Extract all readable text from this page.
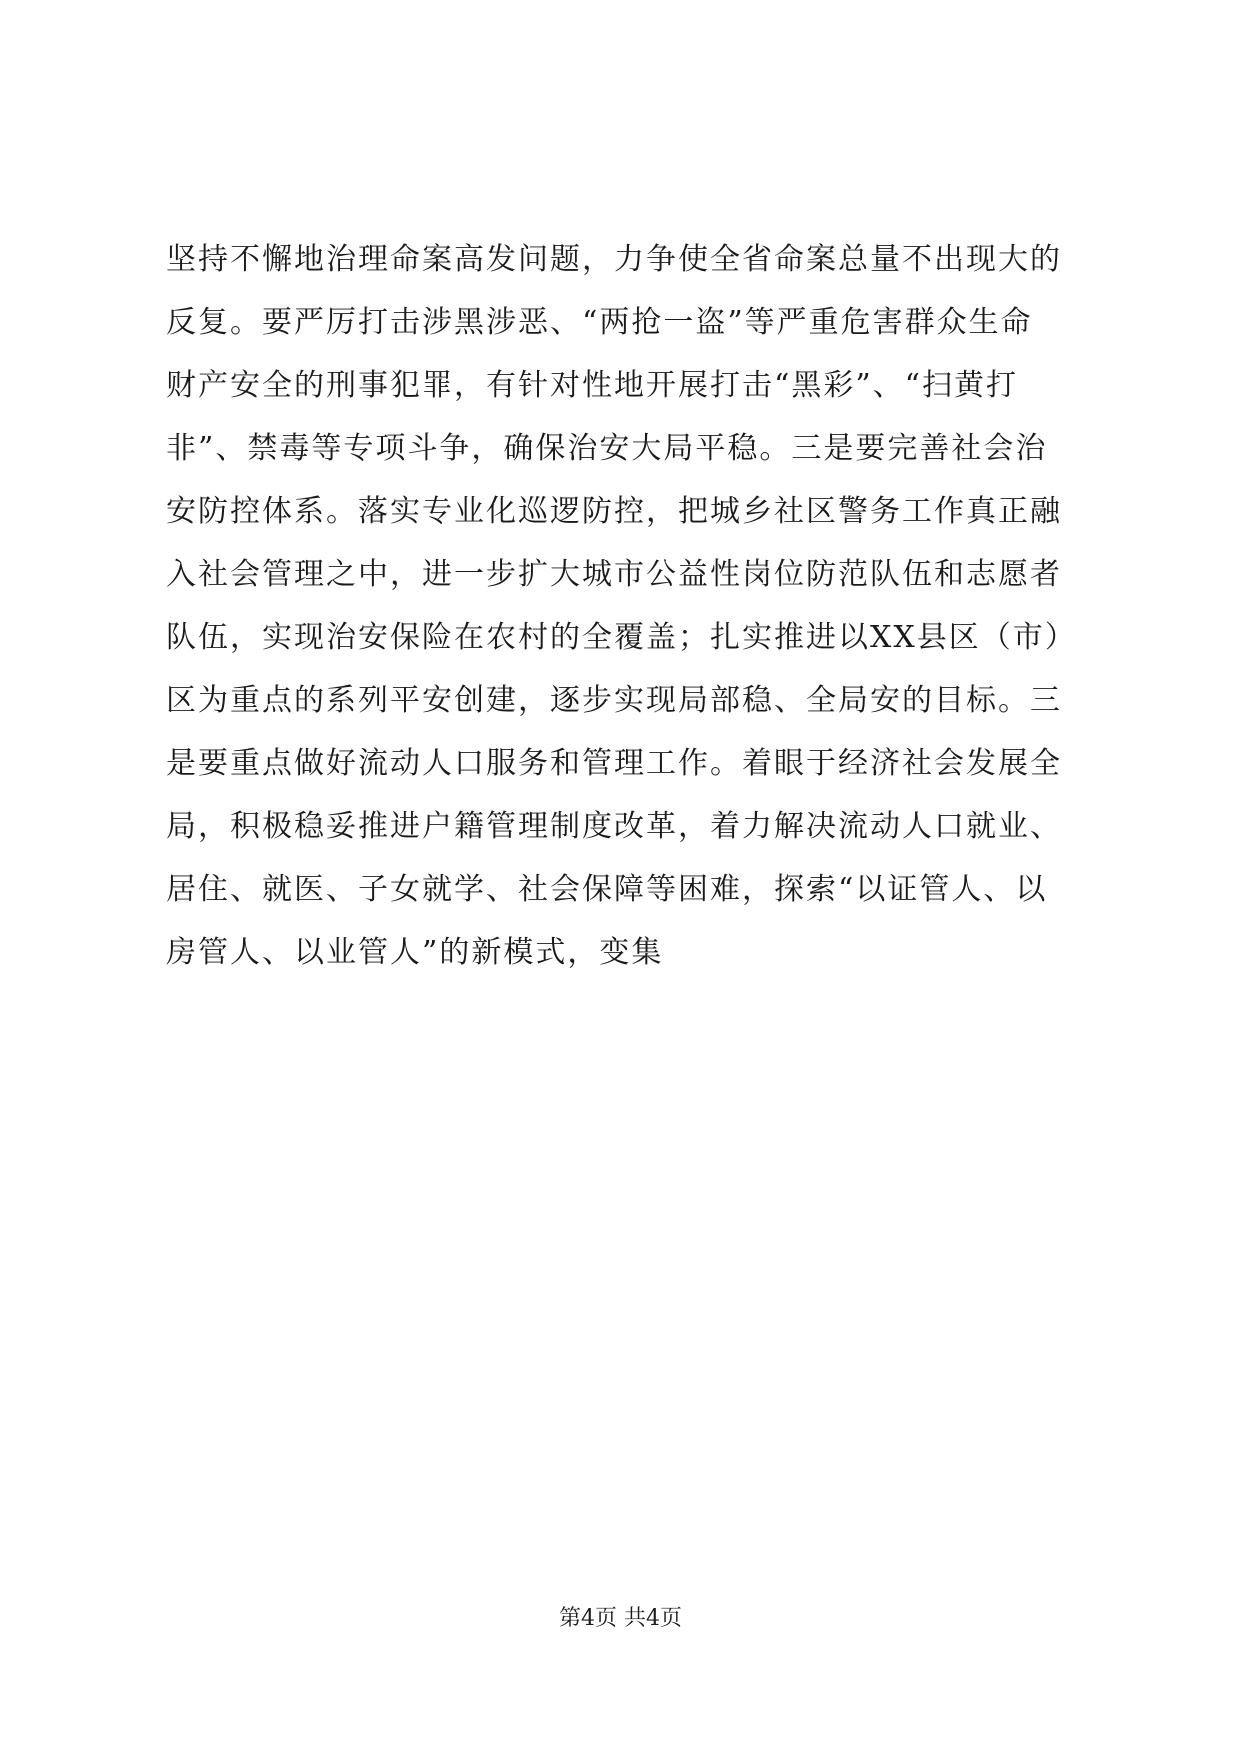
坚持不懈地治理命案高发问题，力争使全省命案总量不出现大的
反复。要严厉打击涉黑涉恶、“两抢一盗”等严重危害群众生命
财产安全的刑事犯罪，有针对性地开展打击“黑彩”、“扫黄打
非”、禁毒等专项斗争，确保治安大局平稳。三是要完善社会治
安防控体系。落实专业化巡逻防控，把城乡社区警务工作真正融
入社会管理之中，进一步扩大城市公益性岗位防范队伍和志愿者
队伍，实现治安保险在农村的全覆盖；扎实推进以XX县区（市）
区为重点的系列平安创建，逐步实现局部稳、全局安的目标。三
是要重点做好流动人口服务和管理工作。着眼于经济社会发展全
局，积极稳妥推进户籍管理制度改革，着力解决流动人口就业、
居住、就医、子女就学、社会保障等困难，探索“以证管人、以
房管人、以业管人”的新模式，变集
第4页 共4页
